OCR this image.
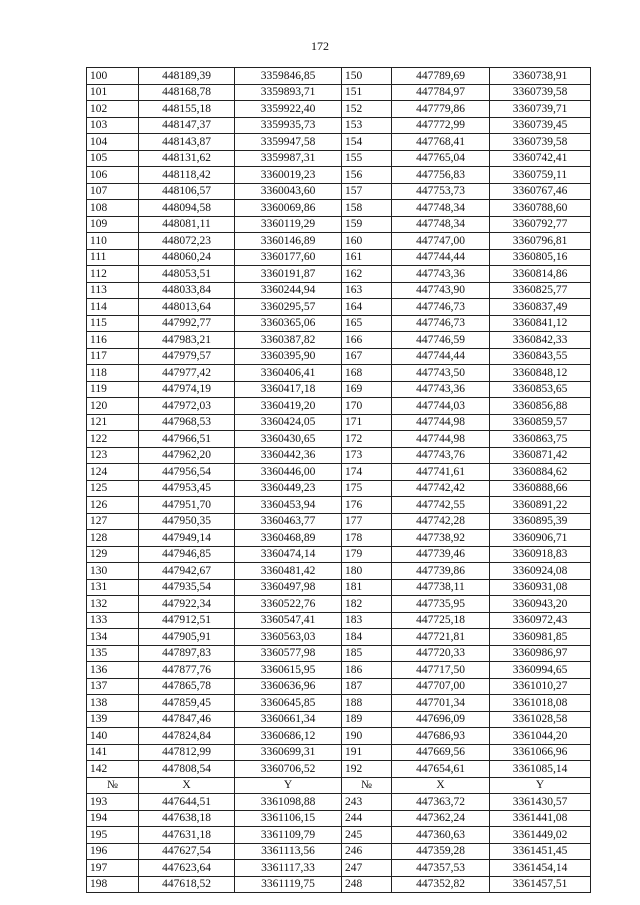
172
100	448189,39	3359846,85	150	447789,69	3360738,91
101	448168,78	3359893,71	151	447784,97	3360739,58
102	448155,18	3359922,40	152	447779,86	3360739,71
103	448147,37	3359935,73	153	447772,99	3360739,45
104	448143,87	3359947,58	154	447768,41	3360739,58
105	448131,62	3359987,31	155	447765,04	3360742,41
106	448118,42	3360019,23	156	447756,83	3360759,11
107	448106,57	3360043,60	157	447753,73	3360767,46
108	448094,58	3360069,86	158	447748,34	3360788,60
109	448081,11	3360119,29	159	447748,34	3360792,77
110	448072,23	3360146,89	160	447747,00	3360796,81
111	448060,24	3360177,60	161	447744,44	3360805,16
112	448053,51	3360191,87	162	447743,36	3360814,86
113	448033,84	3360244,94	163	447743,90	3360825,77
114	448013,64	3360295,57	164	447746,73	3360837,49
115	447992,77	3360365,06	165	447746,73	3360841,12
116	447983,21	3360387,82	166	447746,59	3360842,33
117	447979,57	3360395,90	167	447744,44	3360843,55
118	447977,42	3360406,41	168	447743,50	3360848,12
119	447974,19	3360417,18	169	447743,36	3360853,65
120	447972,03	3360419,20	170	447744,03	3360856,88
121	447968,53	3360424,05	171	447744,98	3360859,57
122	447966,51	3360430,65	172	447744,98	3360863,75
123	447962,20	3360442,36	173	447743,76	3360871,42
124	447956,54	3360446,00	174	447741,61	3360884,62
125	447953,45	3360449,23	175	447742,42	3360888,66
126	447951,70	3360453,94	176	447742,55	3360891,22
127	447950,35	3360463,77	177	447742,28	3360895,39
128	447949,14	3360468,89	178	447738,92	3360906,71
129	447946,85	3360474,14	179	447739,46	3360918,83
130	447942,67	3360481,42	180	447739,86	3360924,08
131	447935,54	3360497,98	181	447738,11	3360931,08
132	447922,34	3360522,76	182	447735,95	3360943,20
133	447912,51	3360547,41	183	447725,18	3360972,43
134	447905,91	3360563,03	184	447721,81	3360981,85
135	447897,83	3360577,98	185	447720,33	3360986,97
136	447877,76	3360615,95	186	447717,50	3360994,65
137	447865,78	3360636,96	187	447707,00	3361010,27
138	447859,45	3360645,85	188	447701,34	3361018,08
139	447847,46	3360661,34	189	447696,09	3361028,58
140	447824,84	3360686,12	190	447686,93	3361044,20
141	447812,99	3360699,31	191	447669,56	3361066,96
142	447808,54	3360706,52	192	447654,61	3361085,14
№	X	Y	№	X	Y
193	447644,51	3361098,88	243	447363,72	3361430,57
194	447638,18	3361106,15	244	447362,24	3361441,08
195	447631,18	3361109,79	245	447360,63	3361449,02
196	447627,54	3361113,56	246	447359,28	3361451,45
197	447623,64	3361117,33	247	447357,53	3361454,14
198	447618,52	3361119,75	248	447352,82	3361457,51
